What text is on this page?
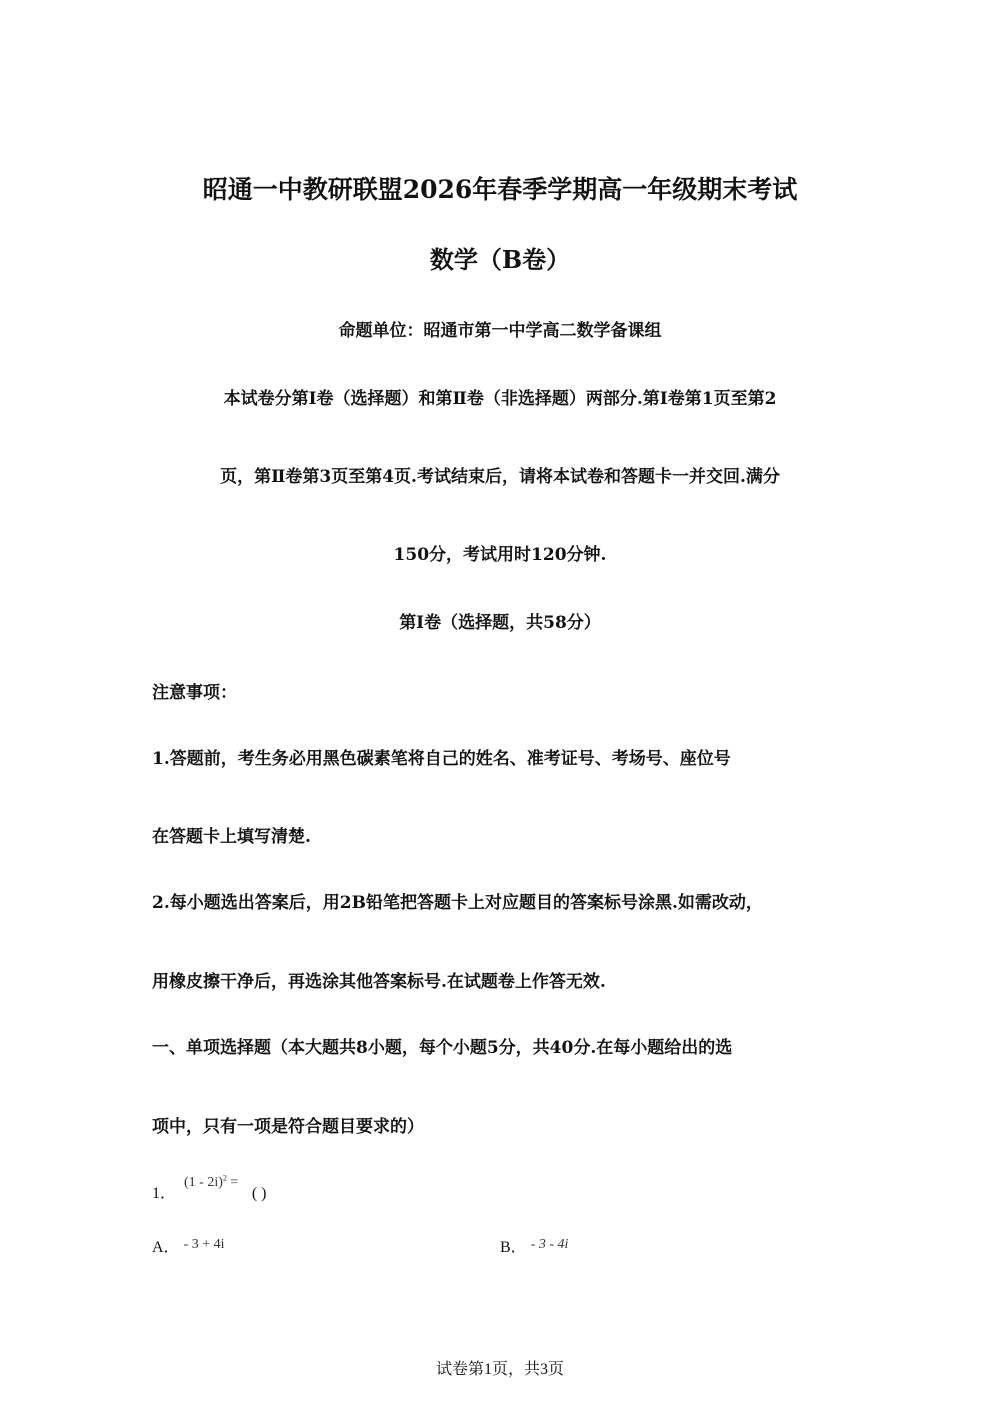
昭通一中教研联盟2026年春季学期高一年级期末考试
数学（B卷）
命题单位：昭通市第一中学高二数学备课组
本试卷分第Ⅰ卷（选择题）和第Ⅱ卷（非选择题）两部分.第Ⅰ卷第1页至第2
页，第Ⅱ卷第3页至第4页.考试结束后，请将本试卷和答题卡一并交回.满分
150分，考试用时120分钟.
第Ⅰ卷（选择题，共58分）
注意事项：
1.答题前，考生务必用黑色碳素笔将自己的姓名、准考证号、考场号、座位号
在答题卡上填写清楚.
2.每小题选出答案后，用2B铅笔把答题卡上对应题目的答案标号涂黑.如需改动，
用橡皮擦干净后，再选涂其他答案标号.在试题卷上作答无效.
一、单项选择题（本大题共8小题，每个小题5分，共40分.在每小题给出的选
项中，只有一项是符合题目要求的）
1．(1 - 2i)$^2$ = ( )
A． - 3 + 4i	B． - 3 - 4i
试卷第1页，共3页
